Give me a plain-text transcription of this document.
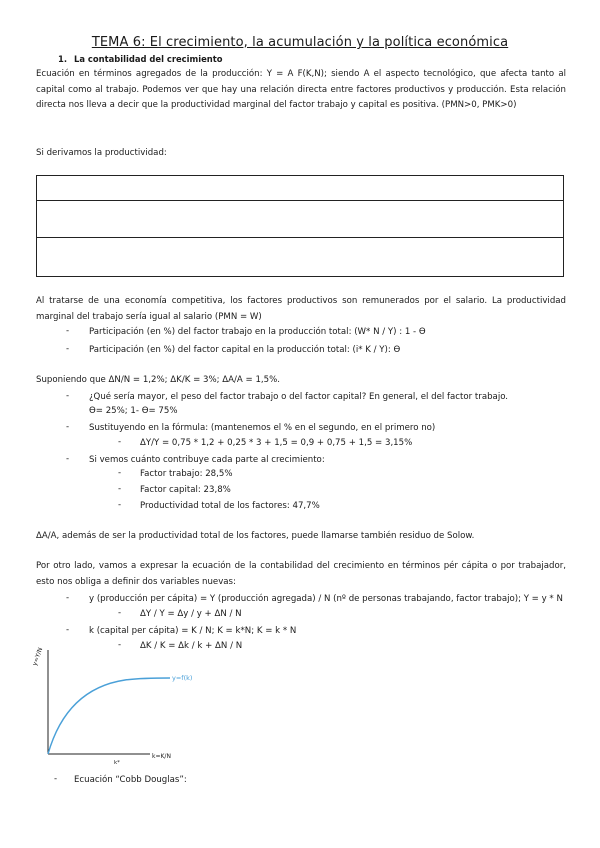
TEMA 6: El crecimiento, la acumulación y la política económica
1. La contabilidad del crecimiento
Ecuación en términos agregados de la producción: Y = A F(K,N); siendo A el aspecto tecnológico, que afecta tanto al capital como al trabajo. Podemos ver que hay una relación directa entre factores productivos y producción. Esta relación directa nos lleva a decir que la productividad marginal del factor trabajo y capital es positiva. (PMN>0, PMK>0)
Si derivamos la productividad:

Al tratarse de una economía competitiva, los factores productivos son remunerados por el salario. La productividad marginal del trabajo sería igual al salario (PMN = W)
- Participación (en %) del factor trabajo en la producción total: (W* N / Y) : 1 - Ө
- Participación (en %) del factor capital en la producción total: (i* K / Y): Ө
Suponiendo que ΔN/N = 1,2%; ΔK/K = 3%; ΔA/A = 1,5%.
- ¿Qué sería mayor, el peso del factor trabajo o del factor capital? En general, el del factor trabajo.
Ө= 25%; 1- Ө= 75%
- Sustituyendo en la fórmula: (mantenemos el % en el segundo, en el primero no)
- ΔY/Y = 0,75 * 1,2 + 0,25 * 3 + 1,5 = 0,9 + 0,75 + 1,5 = 3,15%
- Si vemos cuánto contribuye cada parte al crecimiento:
- Factor trabajo: 28,5%
- Factor capital: 23,8%
- Productividad total de los factores: 47,7%
ΔA/A, además de ser la productividad total de los factores, puede llamarse también residuo de Solow.
Por otro lado, vamos a expresar la ecuación de la contabilidad del crecimiento en términos pér cápita o por trabajador, esto nos obliga a definir dos variables nuevas:
- y (producción per cápita) = Y (producción agregada) / N (nº de personas trabajando, factor trabajo); Y = y * N
- ΔY / Y = Δy / y + ΔN / N
- k (capital per cápita) = K / N; K = k*N; K = k * N
- ΔK / K = Δk / k + ΔN / N
y=Y/N
y=f(k)
k=K/N
k*
- Ecuación “Cobb Douglas”:
